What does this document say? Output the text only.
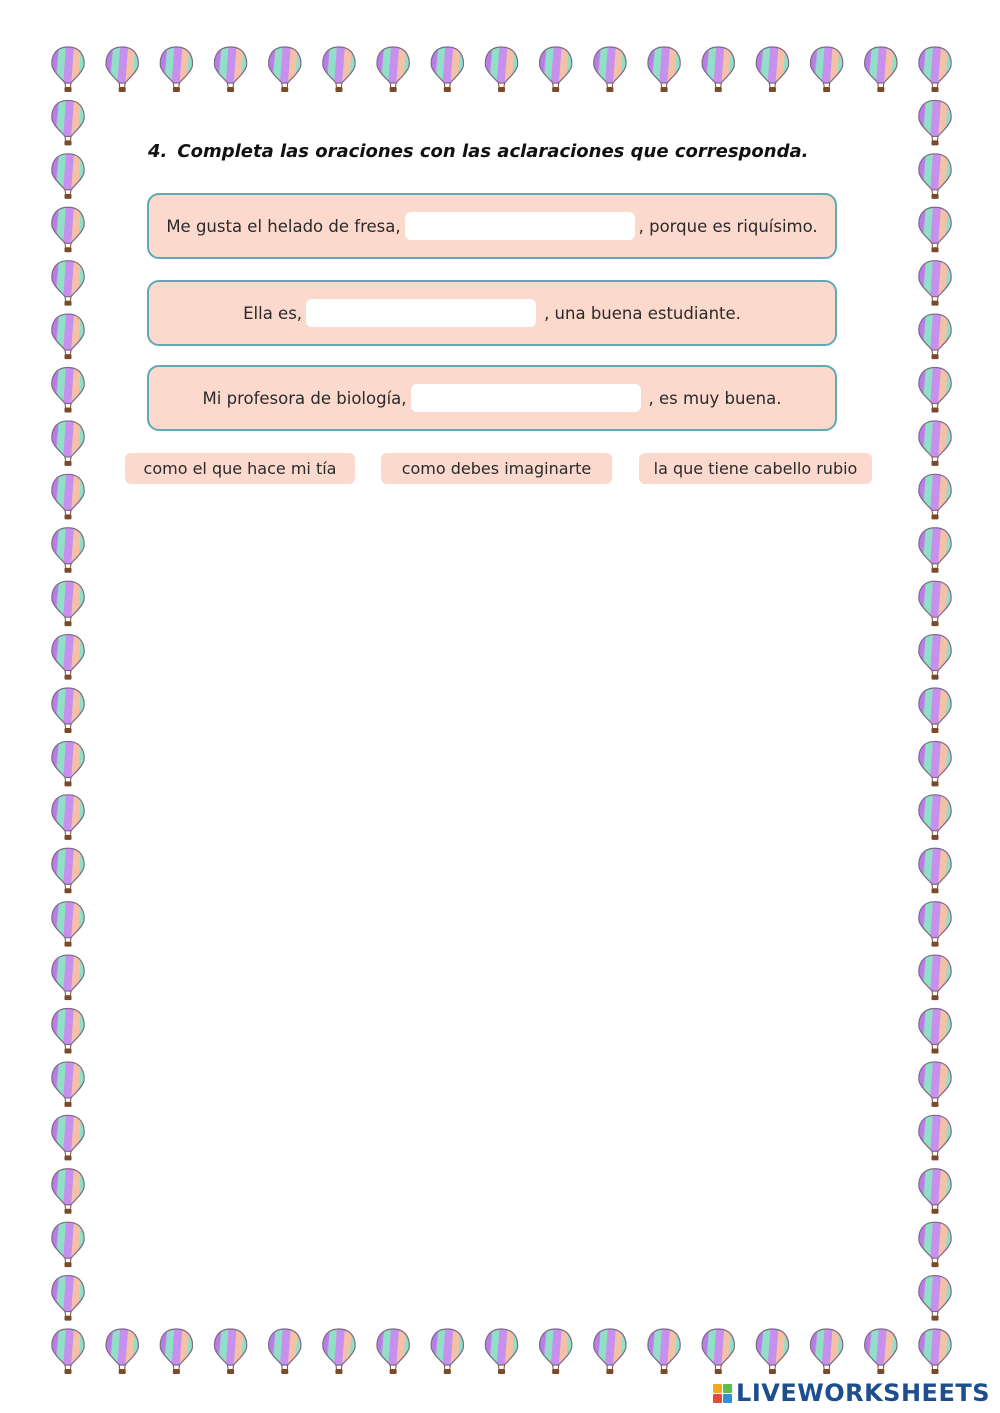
4. Completa las oraciones con las aclaraciones que corresponda.
Me gusta el helado de fresa,	, porque es riquísimo.
Ella es,	, una buena estudiante.
Mi profesora de biología,	, es muy buena.
como el que hace mi tía	como debes imaginarte	la que tiene cabello rubio
LIVEWORKSHEETS
